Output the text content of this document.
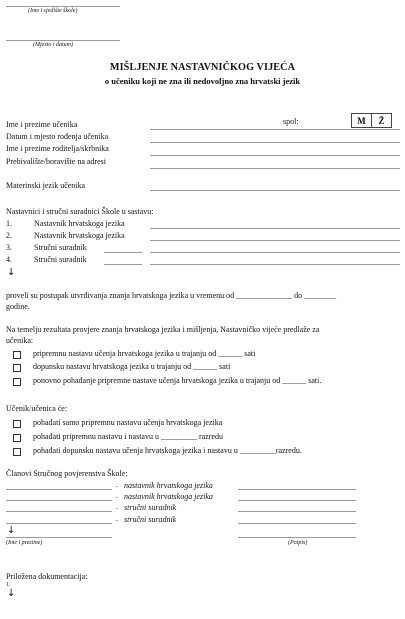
(Ime i sjedište škole)
(Mjesto i datum)
MIŠLJENJE NASTAVNIČKOG VIJEĆA
o učeniku koji ne zna ili nedovoljno zna hrvatski jezik
Ime i prezime učenika	spol:	M	Ž
Datum i mjesto rođenja učenika
Ime i prezime roditelja/skrbnika
Prebivalište/boravište na adresi
Materinski jezik učenika
Nastavnici i stručni suradnici Škole u sastavu:
1.	Nastavnik hrvatskoga jezika
2.	Nastavnik hrvatskoga jezika
3.	Stručni suradnik
4.	Stručni suradnik
↓
proveli su postupak utvrđivanja znanja hrvatskoga jezika u vremenu od ______________ do ________
godine.
Na temelju rezultata provjere znanja hrvatskoga jezika i mišljenja, Nastavničko vijeće predlaže za
učenika:
pripremnu nastavu učenja hrvatskoga jezika u trajanju od ______ sati
dopunsku nastavu hrvatskoga jezika u trajanju od ______ sati
ponovno pohađanje pripremne nastave učenja hrvatskoga jezika u trajanju od ______ sati.
Učenik/učenica će:
pohađati samo pripremnu nastavu učenja hrvatskoga jezika
pohađati pripremnu nastavu i nastavu u _________ razredu
pohađati dopunsku nastavu učenja hrvatskoga jezika i nastavu u _________razredu.
Članovi Stručnog povjerenstva Škole:
. nastavnik hrvatskoga jezika
. nastavnik hrvatskoga jezika
. stručni suradnik
. stručni suradnik
↓
(Ime i prezime)	(Potpis)
Priložena dokumentacija:
1.
↓
